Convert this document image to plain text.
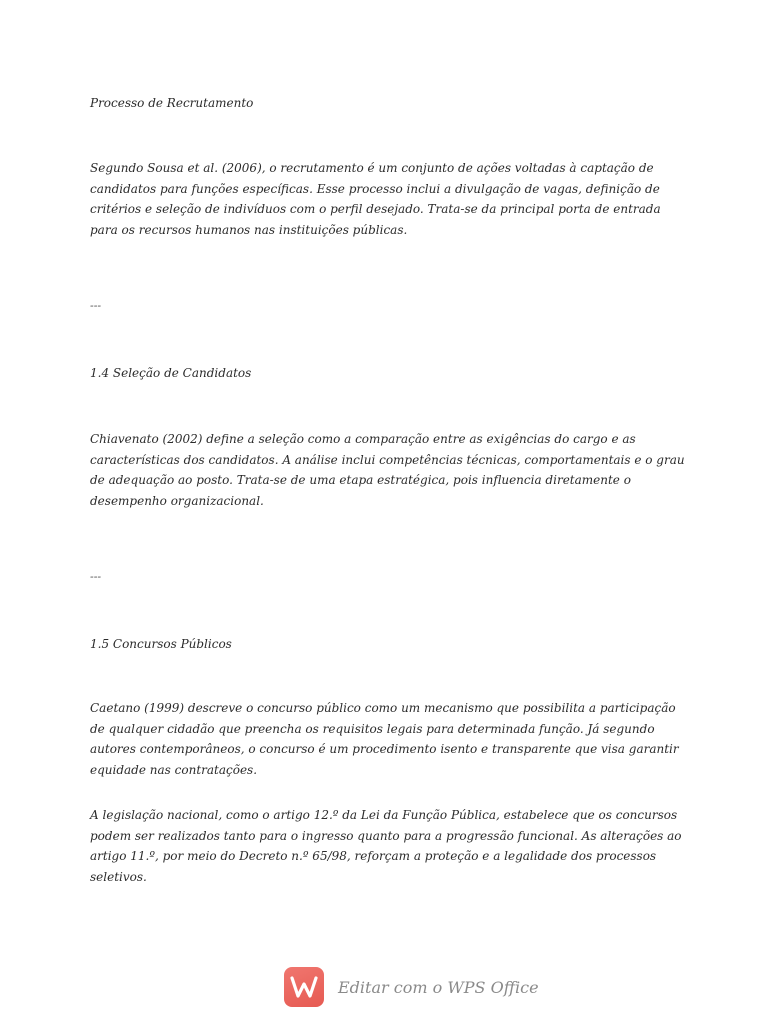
Processo de Recrutamento

Segundo Sousa et al. (2006), o recrutamento é um conjunto de ações voltadas à captação de candidatos para funções específicas. Esse processo inclui a divulgação de vagas, definição de critérios e seleção de indivíduos com o perfil desejado. Trata-se da principal porta de entrada para os recursos humanos nas instituições públicas.

---

1.4 Seleção de Candidatos

Chiavenato (2002) define a seleção como a comparação entre as exigências do cargo e as características dos candidatos. A análise inclui competências técnicas, comportamentais e o grau de adequação ao posto. Trata-se de uma etapa estratégica, pois influencia diretamente o desempenho organizacional.

---

1.5 Concursos Públicos

Caetano (1999) descreve o concurso público como um mecanismo que possibilita a participação de qualquer cidadão que preencha os requisitos legais para determinada função. Já segundo autores contemporâneos, o concurso é um procedimento isento e transparente que visa garantir equidade nas contratações.

A legislação nacional, como o artigo 12.º da Lei da Função Pública, estabelece que os concursos podem ser realizados tanto para o ingresso quanto para a progressão funcional. As alterações ao artigo 11.º, por meio do Decreto n.º 65/98, reforçam a proteção e a legalidade dos processos seletivos.

Editar com o WPS Office
